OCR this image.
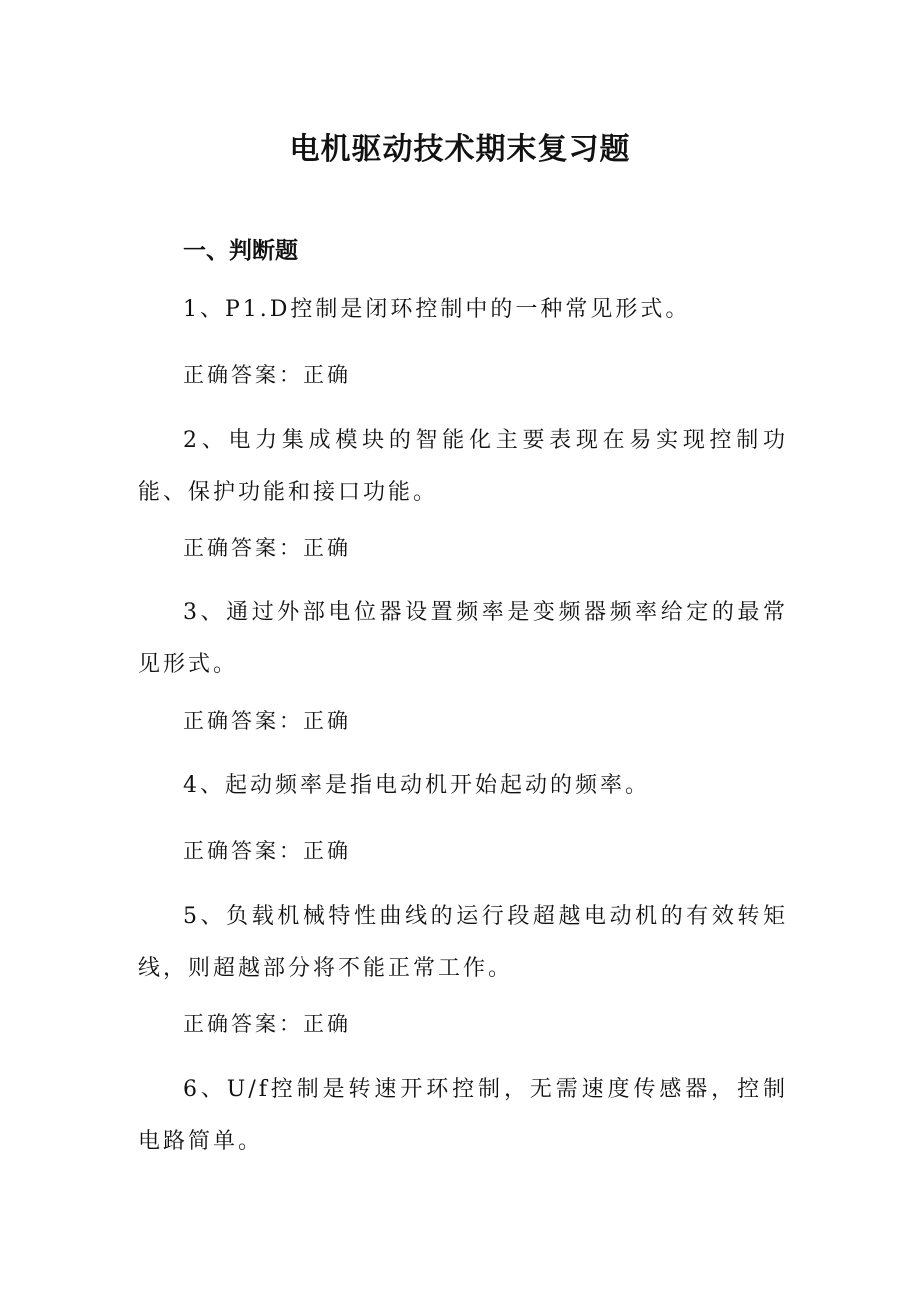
电机驱动技术期末复习题
一、判断题
1、P1.D控制是闭环控制中的一种常见形式。
正确答案：正确
2、电力集成模块的智能化主要表现在易实现控制功能、保护功能和接口功能。
正确答案：正确
3、通过外部电位器设置频率是变频器频率给定的最常见形式。
正确答案：正确
4、起动频率是指电动机开始起动的频率。
正确答案：正确
5、负载机械特性曲线的运行段超越电动机的有效转矩线，则超越部分将不能正常工作。
正确答案：正确
6、U/f控制是转速开环控制，无需速度传感器，控制电路简单。
